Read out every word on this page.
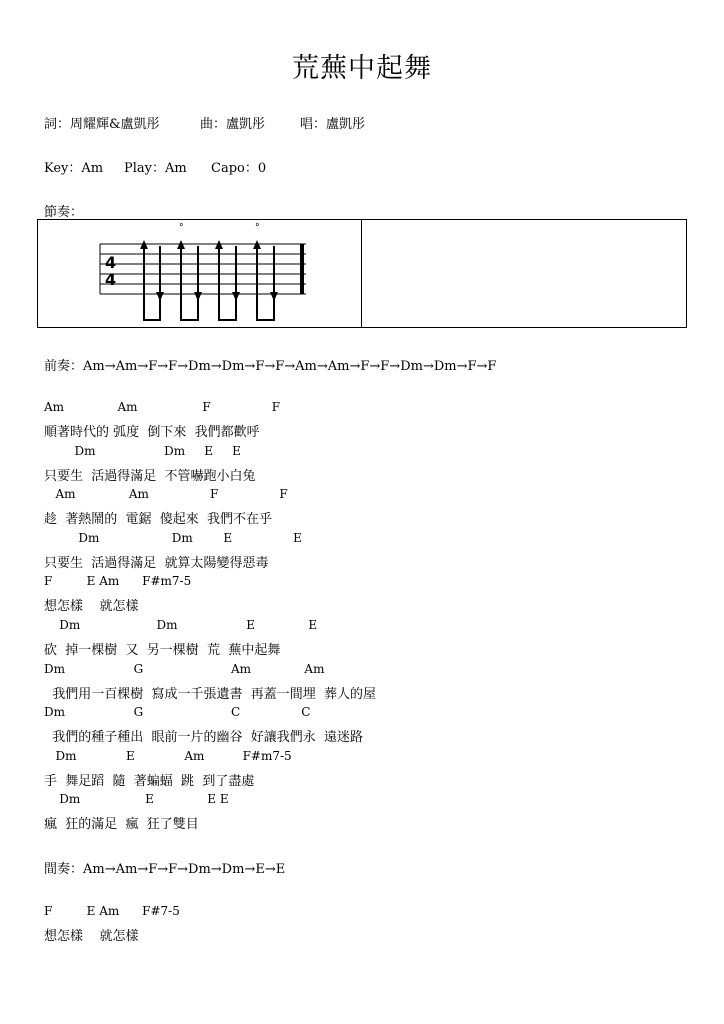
荒蕪中起舞
詞：周耀輝&盧凱彤	曲：盧凱彤	唱：盧凱彤
Key：Am Play：Am Capo：0
節奏：
4
4
°	°
前奏：Am→Am→F→F→Dm→Dm→F→F→Am→Am→F→F→Dm→Dm→F→F
Am              Am                 F                F
順著時代的 弧度  倒下來  我們都歡呼
Dm                  Dm     E     E
只要生  活過得滿足  不管嚇跑小白兔
Am              Am                F                F
趁  著熱鬧的  電鋸  傻起來  我們不在乎
Dm                   Dm        E                E
只要生  活過得滿足  就算太陽變得惡毒
F         E Am      F#m7-5
想怎樣    就怎樣
Dm                    Dm                  E              E
砍  掉一棵樹  又  另一棵樹  荒  蕪中起舞
Dm                  G                       Am              Am
我們用一百棵樹  寫成一千張遺書  再蓋一間埋  葬人的屋
Dm                  G                       C                C
我們的種子種出  眼前一片的幽谷  好讓我們永  遠迷路
Dm             E             Am          F#m7-5
手  舞足蹈  隨  著蝙蝠  跳  到了盡處
Dm                 E              E E
瘋  狂的滿足  瘋  狂了雙目
間奏：Am→Am→F→F→Dm→Dm→E→E
F         E Am      F#7-5
想怎樣    就怎樣
